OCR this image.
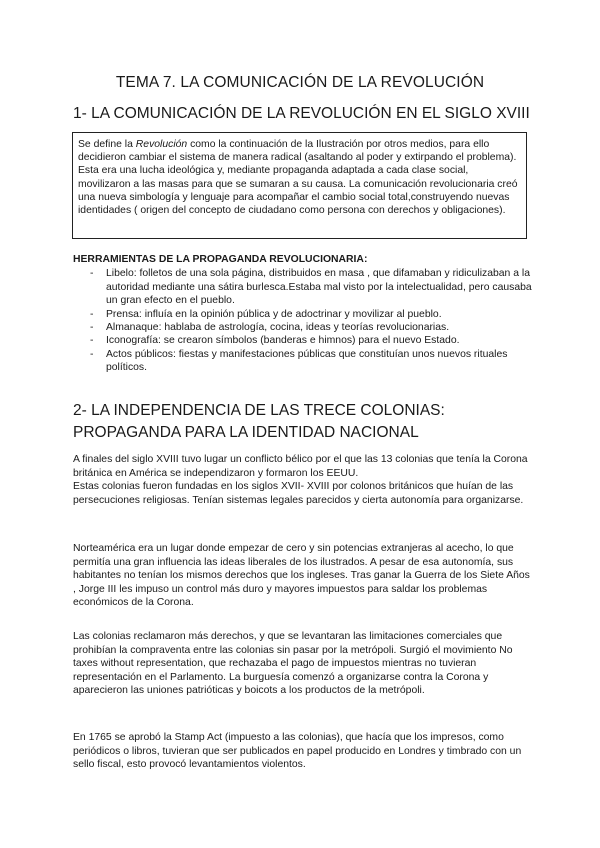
TEMA 7. LA COMUNICACIÓN DE LA REVOLUCIÓN
1- LA COMUNICACIÓN DE LA REVOLUCIÓN EN EL SIGLO XVIII
Se define la Revolución como la continuación de la Ilustración por otros medios, para ello decidieron cambiar el sistema de manera radical (asaltando al poder y extirpando el problema). Esta era una lucha ideológica y, mediante propaganda adaptada a cada clase social, movilizaron a las masas para que se sumaran a su causa. La comunicación revolucionaria creó una nueva simbología y lenguaje para acompañar el cambio social total,construyendo nuevas identidades ( origen del concepto de ciudadano como persona con derechos y obligaciones).
HERRAMIENTAS DE LA PROPAGANDA REVOLUCIONARIA:
- Libelo: folletos de una sola página, distribuidos en masa , que difamaban y ridiculizaban a la autoridad mediante una sátira burlesca.Estaba mal visto por la intelectualidad, pero causaba un gran efecto en el pueblo.
- Prensa: influía en la opinión pública y de adoctrinar y movilizar al pueblo.
- Almanaque: hablaba de astrología, cocina, ideas y teorías revolucionarias.
- Iconografía: se crearon símbolos (banderas e himnos) para el nuevo Estado.
- Actos públicos: fiestas y manifestaciones públicas que constituían unos nuevos rituales políticos.
2- LA INDEPENDENCIA DE LAS TRECE COLONIAS: PROPAGANDA PARA LA IDENTIDAD NACIONAL

A finales del siglo XVIII tuvo lugar un conflicto bélico por el que las 13 colonias que tenía la Corona británica en América se independizaron y formaron los EEUU.
Estas colonias fueron fundadas en los siglos XVII- XVIII por colonos británicos que huían de las persecuciones religiosas. Tenían sistemas legales parecidos y cierta autonomía para organizarse.

Norteamérica era un lugar donde empezar de cero y sin potencias extranjeras al acecho, lo que permitía una gran influencia las ideas liberales de los ilustrados. A pesar de esa autonomía, sus habitantes no tenían los mismos derechos que los ingleses. Tras ganar la Guerra de los Siete Años , Jorge III les impuso un control más duro y mayores impuestos para saldar los problemas económicos de la Corona.

Las colonias reclamaron más derechos, y que se levantaran las limitaciones comerciales que prohibían la compraventa entre las colonias sin pasar por la metrópoli. Surgió el movimiento No taxes without representation, que rechazaba el pago de impuestos mientras no tuvieran representación en el Parlamento. La burguesía comenzó a organizarse contra la Corona y aparecieron las uniones patrióticas y boicots a los productos de la metrópoli.

En 1765 se aprobó la Stamp Act (impuesto a las colonias), que hacía que los impresos, como periódicos o libros, tuvieran que ser publicados en papel producido en Londres y timbrado con un sello fiscal, esto provocó levantamientos violentos.
